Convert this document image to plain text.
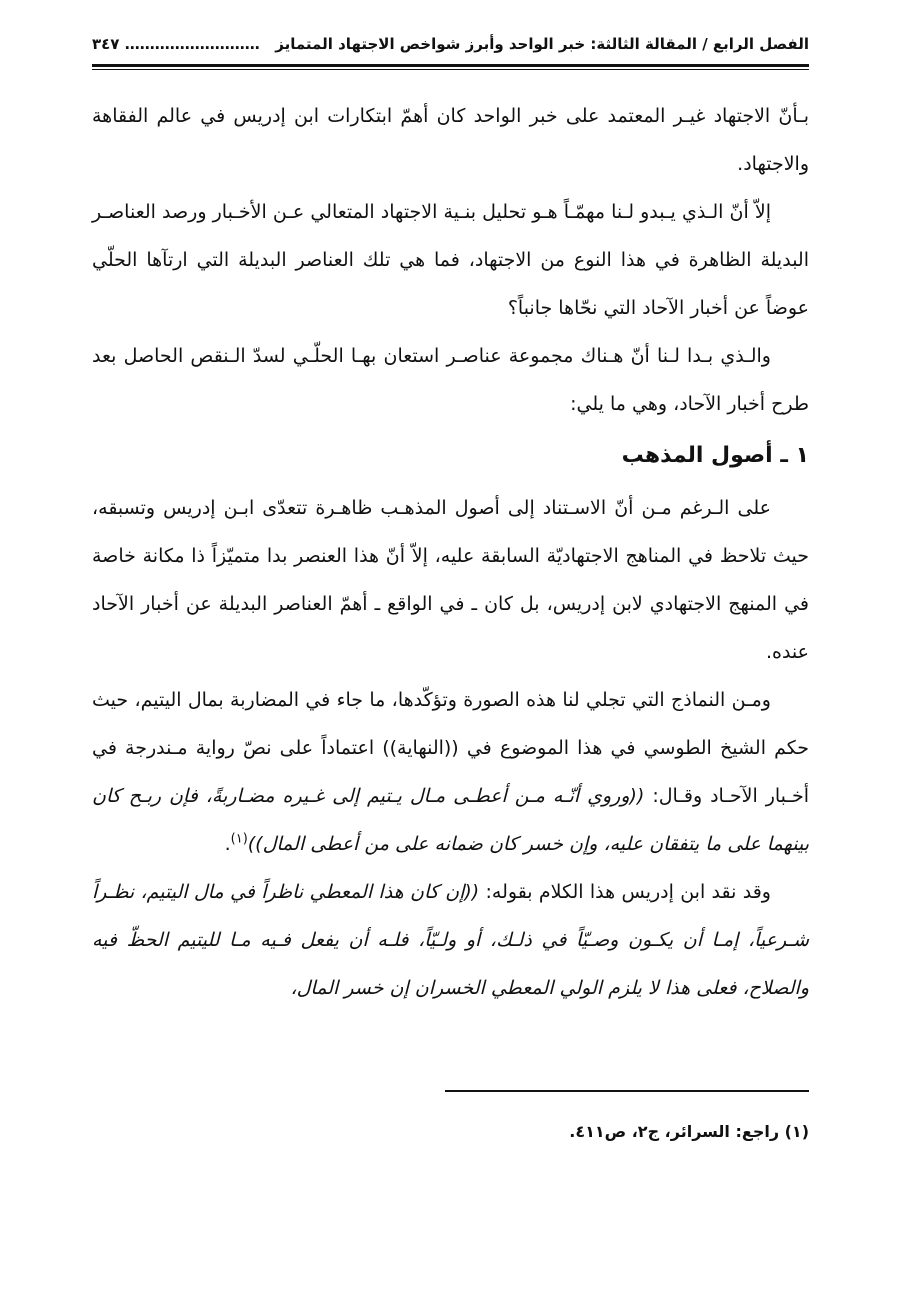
الفصل الرابع / المقالة الثالثة: خبر الواحد وأبرز شواخص الاجتهاد المتمايز
……………………… ٣٤٧

بـأنّ الاجتهاد غيـر المعتمد على خبر الواحد كان أهمّ ابتكارات ابن إدريس في عالم الفقاهة والاجتهاد.

إلاّ أنّ الـذي يـبدو لـنا مهمّـاً هـو تحليل بنـية الاجتهاد المتعالي عـن الأخـبار ورصد العناصـر البديلة الظاهرة في هذا النوع من الاجتهاد، فما هي تلك العناصر البديلة التي ارتآها الحلّي عوضاً عن أخبار الآحاد التي نحّاها جانباً؟

والـذي بـدا لـنا أنّ هـناك مجموعة عناصـر استعان بهـا الحلّـي لسدّ الـنقص الحاصل بعد طرح أخبار الآحاد، وهي ما يلي:

١ ـ أصول المذهب

على الـرغم مـن أنّ الاسـتناد إلى أصول المذهـب ظاهـرة تتعدّى ابـن إدريس وتسبقه، حيث تلاحظ في المناهج الاجتهاديّة السابقة عليه، إلاّ أنّ هذا العنصر بدا متميّزاً ذا مكانة خاصة في المنهج الاجتهادي لابن إدريس، بل كان ـ في الواقع ـ أهمّ العناصر البديلة عن أخبار الآحاد عنده.

ومـن النماذج التي تجلي لنا هذه الصورة وتؤكّدها، ما جاء في المضاربة بمال اليتيم، حيث حكم الشيخ الطوسي في هذا الموضوع في ((النهاية)) اعتماداً على نصّ رواية مـندرجة في أخـبار الآحـاد وقـال: ((وروي أنّـه مـن أعطـى مـال يـتيم إلى غـيره مضـاربةً، فإن ربـح كان بينهما على ما يتفقان عليه، وإن خسر كان ضمانه على من أعطى المال))$^{(١)}$.

وقد نقد ابن إدريس هذا الكلام بقوله: ((إن كان هذا المعطي ناظراً في مال اليتيم، نظـراً شـرعياً، إمـا أن يكـون وصـيّاً في ذلـك، أو ولـيّاً، فلـه أن يفعل فـيه مـا لليتيم الحظّ فيه والصلاح، فعلى هذا لا يلزم الولي المعطي الخسران إن خسر المال،

(١) راجع: السرائر، ج٢، ص٤١١.
